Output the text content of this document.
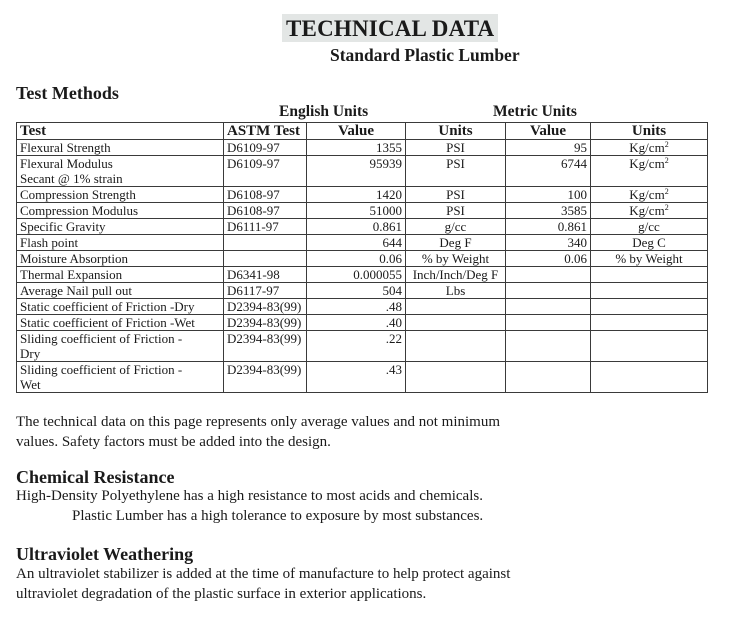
TECHNICAL DATA
Standard Plastic Lumber
Test Methods
English Units	Metric Units
Test	ASTM Test	Value	Units	Value	Units
Flexural Strength	D6109-97	1355	PSI	95	$Kg/cm^2$
Flexural Modulus
Secant @ 1% strain	D6109-97	95939	PSI	6744	$Kg/cm^2$
Compression Strength	D6108-97	1420	PSI	100	$Kg/cm^2$
Compression Modulus	D6108-97	51000	PSI	3585	$Kg/cm^2$
Specific Gravity	D6111-97	0.861	g/cc	0.861	g/cc
Flash point		644	Deg F	340	Deg C
Moisture Absorption		0.06	% by Weight	0.06	% by Weight
Thermal Expansion	D6341-98	0.000055	Inch/Inch/Deg F		
Average Nail pull out	D6117-97	504	Lbs		
Static coefficient of Friction -Dry	D2394-83(99)	.48			
Static coefficient of Friction -Wet	D2394-83(99)	.40			
Sliding coefficient of Friction -
Dry	D2394-83(99)	.22			
Sliding coefficient of Friction -
Wet	D2394-83(99)	.43			

The technical data on this page represents only average values and not minimum
values. Safety factors must be added into the design.

Chemical Resistance

High-Density Polyethylene has a high resistance to most acids and chemicals.
Plastic Lumber has a high tolerance to exposure by most substances.

Ultraviolet Weathering

An ultraviolet stabilizer is added at the time of manufacture to help protect against
ultraviolet degradation of the plastic surface in exterior applications.
